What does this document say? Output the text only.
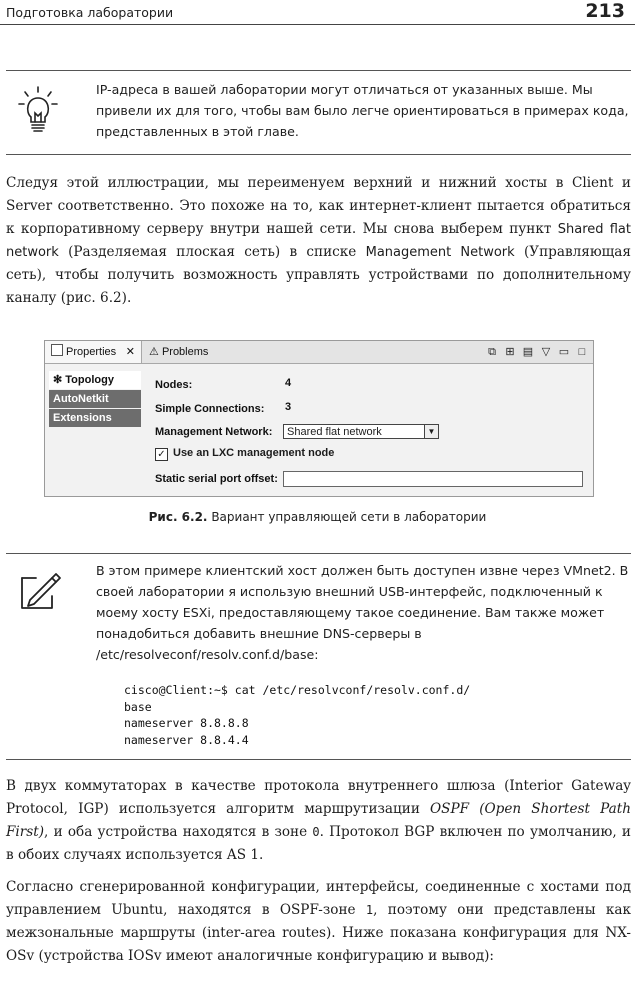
Подготовка лаборатории	213
IP-адреса в вашей лаборатории могут отличаться от указанных выше. Мы привели их для того, чтобы вам было легче ориентироваться в примерах кода, представленных в этой главе.

Следуя этой иллюстрации, мы переименуем верхний и нижний хосты в Client и Server соответственно. Это похоже на то, как интернет-клиент пытается обратиться к корпоративному серверу внутри нашей сети. Мы снова выберем пункт Shared flat network (Разделяемая плоская сеть) в списке Management Network (Управляющая сеть), чтобы получить возможность управлять устройствами по дополнительному каналу (рис. 6.2).

Properties ✕ ⚠ Problems	⧉ ⊞ ▤ ▽ ▭ □
✻ Topology
AutoNetkit
Extensions
Nodes:	4
Simple Connections: 3
Management Network:	Shared flat network	▼
✓ Use an LXC management node
Static serial port offset:
Рис. 6.2. Вариант управляющей сети в лаборатории
В этом примере клиентский хост должен быть доступен извне через VMnet2. В своей лаборатории я использую внешний USB-интерфейс, подключенный к моему хосту ESXi, предоставляющему такое соединение. Вам также может понадобиться добавить внешние DNS-серверы в /etc/resolveconf/resolv.conf.d/base:
cisco@Client:~$ cat /etc/resolvconf/resolv.conf.d/
base
nameserver 8.8.8.8
nameserver 8.8.4.4

В двух коммутаторах в качестве протокола внутреннего шлюза (Interior Gateway Protocol, IGP) используется алгоритм маршрутизации OSPF (Open Shortest Path First), и оба устройства находятся в зоне 0. Протокол BGP включен по умолчанию, и в обоих случаях используется AS 1.

Согласно сгенерированной конфигурации, интерфейсы, соединенные с хостами под управлением Ubuntu, находятся в OSPF-зоне 1, поэтому они представлены как межзональные маршруты (inter-area routes). Ниже показана конфигурация для NX-OSv (устройства IOSv имеют аналогичные конфигурацию и вывод):
